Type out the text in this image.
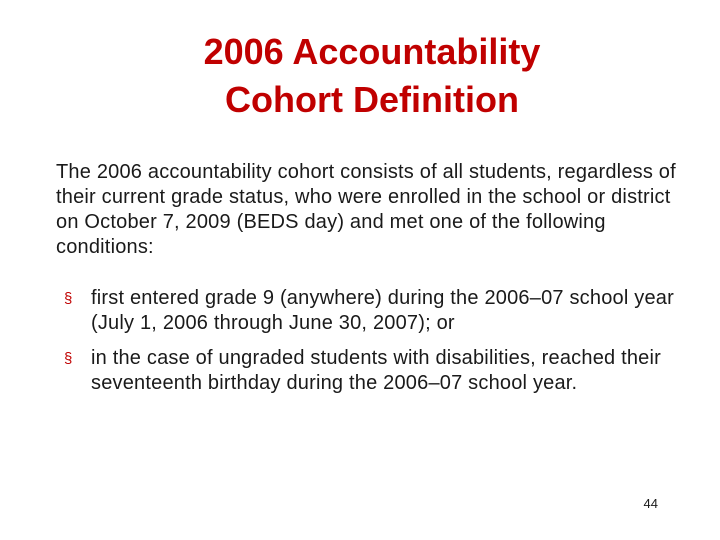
2006 Accountability
Cohort Definition

The 2006 accountability cohort consists of all students, regardless of their current grade status, who were enrolled in the school or district on October 7, 2009 (BEDS day) and met one of the following conditions:

§ first entered grade 9 (anywhere) during the 2006–07 school year (July 1, 2006 through June 30, 2007); or
§ in the case of ungraded students with disabilities, reached their seventeenth birthday during the 2006–07 school year.
44
